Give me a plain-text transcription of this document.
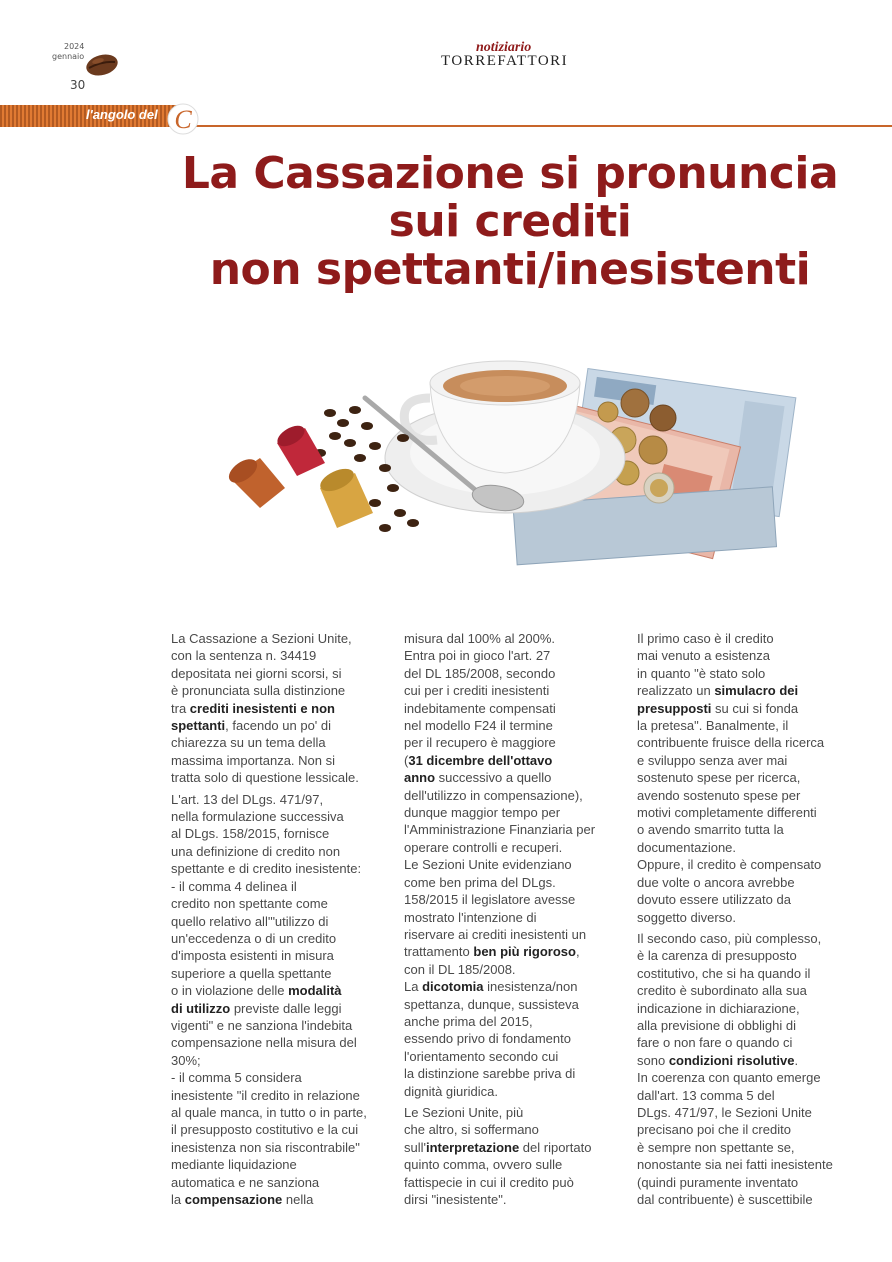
2024
gennaio
30
notiziario
TORREFATTORI
l'angolo del C onsulente
La Cassazione si pronuncia
sui crediti
non spettanti/inesistenti

La Cassazione a Sezioni Unite,
con la sentenza n. 34419
depositata nei giorni scorsi, si
è pronunciata sulla distinzione
tra crediti inesistenti e non
spettanti, facendo un po' di
chiarezza su un tema della
massima importanza. Non si
tratta solo di questione lessicale.

L'art. 13 del DLgs. 471/97,
nella formulazione successiva
al DLgs. 158/2015, fornisce
una definizione di credito non
spettante e di credito inesistente:
- il comma 4 delinea il
credito non spettante come
quello relativo all'"utilizzo di
un'eccedenza o di un credito
d'imposta esistenti in misura
superiore a quella spettante
o in violazione delle modalità
di utilizzo previste dalle leggi
vigenti" e ne sanziona l'indebita
compensazione nella misura del
30%;
- il comma 5 considera
inesistente "il credito in relazione
al quale manca, in tutto o in parte,
il presupposto costitutivo e la cui
inesistenza non sia riscontrabile"
mediante liquidazione
automatica e ne sanziona
la compensazione nella

misura dal 100% al 200%.
Entra poi in gioco l'art. 27
del DL 185/2008, secondo
cui per i crediti inesistenti
indebitamente compensati
nel modello F24 il termine
per il recupero è maggiore
(31 dicembre dell'ottavo
anno successivo a quello
dell'utilizzo in compensazione),
dunque maggior tempo per
l'Amministrazione Finanziaria per
operare controlli e recuperi.
Le Sezioni Unite evidenziano
come ben prima del DLgs.
158/2015 il legislatore avesse
mostrato l'intenzione di
riservare ai crediti inesistenti un
trattamento ben più rigoroso,
con il DL 185/2008.
La dicotomia inesistenza/non
spettanza, dunque, sussisteva
anche prima del 2015,
essendo privo di fondamento
l'orientamento secondo cui
la distinzione sarebbe priva di
dignità giuridica.

Le Sezioni Unite, più
che altro, si soffermano
sull'interpretazione del riportato
quinto comma, ovvero sulle
fattispecie in cui il credito può
dirsi "inesistente".

Il primo caso è il credito
mai venuto a esistenza
in quanto "è stato solo
realizzato un simulacro dei
presupposti su cui si fonda
la pretesa". Banalmente, il
contribuente fruisce della ricerca
e sviluppo senza aver mai
sostenuto spese per ricerca,
avendo sostenuto spese per
motivi completamente differenti
o avendo smarrito tutta la
documentazione.
Oppure, il credito è compensato
due volte o ancora avrebbe
dovuto essere utilizzato da
soggetto diverso.

Il secondo caso, più complesso,
è la carenza di presupposto
costitutivo, che si ha quando il
credito è subordinato alla sua
indicazione in dichiarazione,
alla previsione di obblighi di
fare o non fare o quando ci
sono condizioni risolutive.
In coerenza con quanto emerge
dall'art. 13 comma 5 del
DLgs. 471/97, le Sezioni Unite
precisano poi che il credito
è sempre non spettante se,
nonostante sia nei fatti inesistente
(quindi puramente inventato
dal contribuente) è suscettibile
